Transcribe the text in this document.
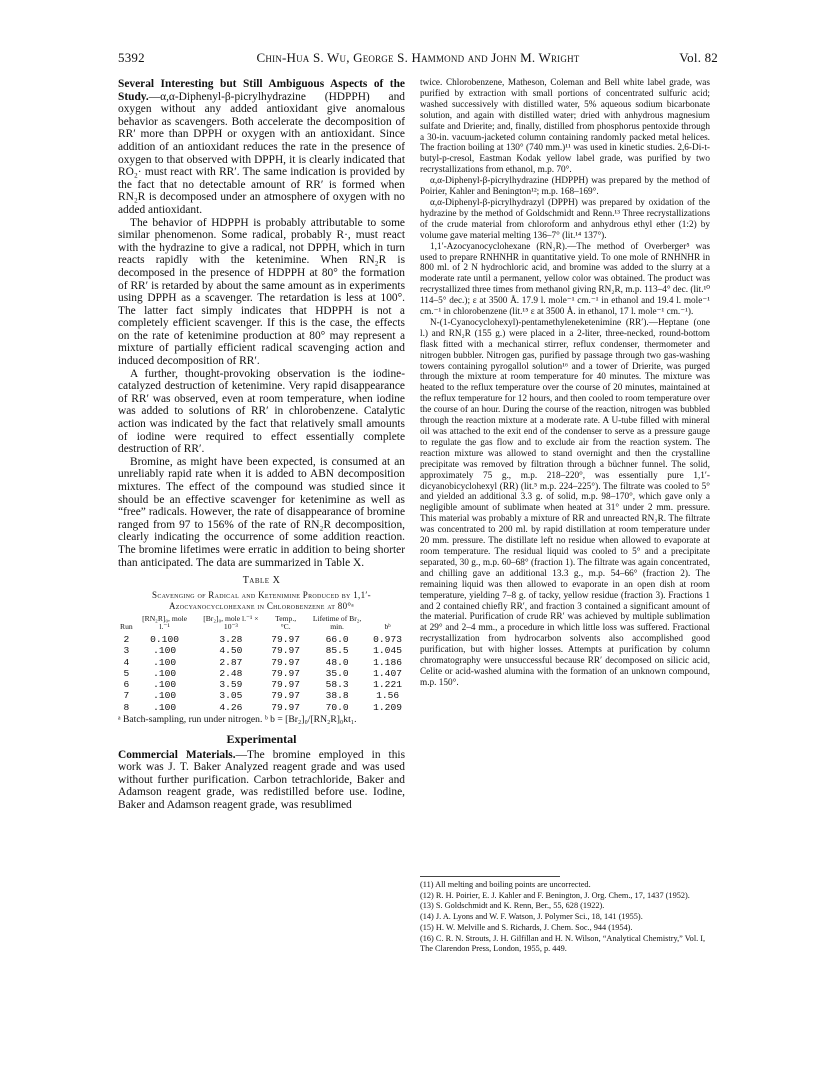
5392	Chin-Hua S. Wu, George S. Hammond and John M. Wright	Vol. 82

Several Interesting but Still Ambiguous Aspects of the Study.—α,α-Diphenyl-β-picrylhydrazine (HDPPH) and oxygen without any added antioxidant give anomalous behavior as scavengers. Both accelerate the decomposition of RR′ more than DPPH or oxygen with an antioxidant. Since addition of an antioxidant reduces the rate in the presence of oxygen to that observed with DPPH, it is clearly indicated that RO₂· must react with RR′. The same indication is provided by the fact that no detectable amount of RR′ is formed when RN₂R is decomposed under an atmosphere of oxygen with no added antioxidant.

The behavior of HDPPH is probably attributable to some similar phenomenon. Some radical, probably R·, must react with the hydrazine to give a radical, not DPPH, which in turn reacts rapidly with the ketenimine. When RN₂R is decomposed in the presence of HDPPH at 80° the formation of RR′ is retarded by about the same amount as in experiments using DPPH as a scavenger. The retardation is less at 100°. The latter fact simply indicates that HDPPH is not a completely efficient scavenger. If this is the case, the effects on the rate of ketenimine production at 80° may represent a mixture of partially efficient radical scavenging action and induced decomposition of RR′.

A further, thought-provoking observation is the iodine-catalyzed destruction of ketenimine. Very rapid disappearance of RR′ was observed, even at room temperature, when iodine was added to solutions of RR′ in chlorobenzene. Catalytic action was indicated by the fact that relatively small amounts of iodine were required to effect essentially complete destruction of RR′.

Bromine, as might have been expected, is consumed at an unreliably rapid rate when it is added to ABN decomposition mixtures. The effect of the compound was studied since it should be an effective scavenger for ketenimine as well as “free” radicals. However, the rate of disappearance of bromine ranged from 97 to 156% of the rate of RN₂R decomposition, clearly indicating the occurrence of some addition reaction. The bromine lifetimes were erratic in addition to being shorter than anticipated. The data are summarized in Table X.

Table X
Scavenging of Radical and Ketenimine Produced by 1,1′-Azocyanocyclohexane in Chlorobenzene at 80°ᵃ
Run	[RN₂R]₀, mole l.⁻¹	[Br₂]₀, mole l.⁻¹ × 10⁻³	Temp., °C.	Lifetime of Br₂, min.	bᵇ
2	0.100	3.28	79.97	66.0	0.973
3	.100	4.50	79.97	85.5	1.045
4	.100	2.87	79.97	48.0	1.186
5	.100	2.48	79.97	35.0	1.407
6	.100	3.59	79.97	58.3	1.221
7	.100	3.05	79.97	38.8	1.56
8	.100	4.26	79.97	70.0	1.209
ᵃ Batch-sampling, run under nitrogen. ᵇ b = [Br₂]₀/[RN₂R]₀kt₁.
Experimental

Commercial Materials.—The bromine employed in this work was J. T. Baker Analyzed reagent grade and was used without further purification. Carbon tetrachloride, Baker and Adamson reagent grade, was redistilled before use. Iodine, Baker and Adamson reagent grade, was resublimed

twice. Chlorobenzene, Matheson, Coleman and Bell white label grade, was purified by extraction with small portions of concentrated sulfuric acid; washed successively with distilled water, 5% aqueous sodium bicarbonate solution, and again with distilled water; dried with anhydrous magnesium sulfate and Drierite; and, finally, distilled from phosphorus pentoxide through a 30-in. vacuum-jacketed column containing randomly packed metal helices. The fraction boiling at 130° (740 mm.)¹¹ was used in kinetic studies. 2,6-Di-t-butyl-p-cresol, Eastman Kodak yellow label grade, was purified by two recrystallizations from ethanol, m.p. 70°.

α,α-Diphenyl-β-picrylhydrazine (HDPPH) was prepared by the method of Poirier, Kahler and Benington¹²; m.p. 168–169°.

α,α-Diphenyl-β-picrylhydrazyl (DPPH) was prepared by oxidation of the hydrazine by the method of Goldschmidt and Renn.¹³ Three recrystallizations of the crude material from chloroform and anhydrous ethyl ether (1:2) by volume gave material melting 136–7° (lit.¹⁴ 137°).

1,1′-Azocyanocyclohexane (RN₂R).—The method of Overberger⁵ was used to prepare RNHNHR in quantitative yield. To one mole of RNHNHR in 800 ml. of 2 N hydrochloric acid, and bromine was added to the slurry at a moderate rate until a permanent, yellow color was obtained. The product was recrystallized three times from methanol giving RN₂R, m.p. 113–4° dec. (lit.¹⁰ 114–5° dec.); ε at 3500 Å. 17.9 l. mole⁻¹ cm.⁻¹ in ethanol and 19.4 l. mole⁻¹ cm.⁻¹ in chlorobenzene (lit.¹⁵ ε at 3500 Å. in ethanol, 17 l. mole⁻¹ cm.⁻¹).

N-(1-Cyanocyclohexyl)-pentamethyleneketenimine (RR′).—Heptane (one l.) and RN₂R (155 g.) were placed in a 2-liter, three-necked, round-bottom flask fitted with a mechanical stirrer, reflux condenser, thermometer and nitrogen bubbler. Nitrogen gas, purified by passage through two gas-washing towers containing pyrogallol solution¹⁶ and a tower of Drierite, was purged through the mixture at room temperature for 40 minutes. The mixture was heated to the reflux temperature over the course of 20 minutes, maintained at the reflux temperature for 12 hours, and then cooled to room temperature over the course of an hour. During the course of the reaction, nitrogen was bubbled through the reaction mixture at a moderate rate. A U-tube filled with mineral oil was attached to the exit end of the condenser to serve as a pressure gauge to regulate the gas flow and to exclude air from the reaction system. The reaction mixture was allowed to stand overnight and then the crystalline precipitate was removed by filtration through a büchner funnel. The solid, approximately 75 g., m.p. 218–220°, was essentially pure 1,1′-dicyanobicyclohexyl (RR) (lit.⁵ m.p. 224–225°). The filtrate was cooled to 5° and yielded an additional 3.3 g. of solid, m.p. 98–170°, which gave only a negligible amount of sublimate when heated at 31° under 2 mm. pressure. This material was probably a mixture of RR and unreacted RN₂R. The filtrate was concentrated to 200 ml. by rapid distillation at room temperature under 20 mm. pressure. The distillate left no residue when allowed to evaporate at room temperature. The residual liquid was cooled to 5° and a precipitate separated, 30 g., m.p. 60–68° (fraction 1). The filtrate was again concentrated, and chilling gave an additional 13.3 g., m.p. 54–66° (fraction 2). The remaining liquid was then allowed to evaporate in an open dish at room temperature, yielding 7–8 g. of tacky, yellow residue (fraction 3). Fractions 1 and 2 contained chiefly RR′, and fraction 3 contained a significant amount of the material. Purification of crude RR′ was achieved by multiple sublimation at 29° and 2–4 mm., a procedure in which little loss was suffered. Fractional recrystallization from hydrocarbon solvents also accomplished good purification, but with higher losses. Attempts at purification by column chromatography were unsuccessful because RR′ decomposed on silicic acid, Celite or acid-washed alumina with the formation of an unknown compound, m.p. 150°.

(11) All melting and boiling points are uncorrected.
(12) R. H. Poirier, E. J. Kahler and F. Benington, J. Org. Chem., 17, 1437 (1952).
(13) S. Goldschmidt and K. Renn, Ber., 55, 628 (1922).
(14) J. A. Lyons and W. F. Watson, J. Polymer Sci., 18, 141 (1955).
(15) H. W. Melville and S. Richards, J. Chem. Soc., 944 (1954).
(16) C. R. N. Strouts, J. H. Gilfillan and H. N. Wilson, “Analytical Chemistry,” Vol. I, The Clarendon Press, London, 1955, p. 449.
